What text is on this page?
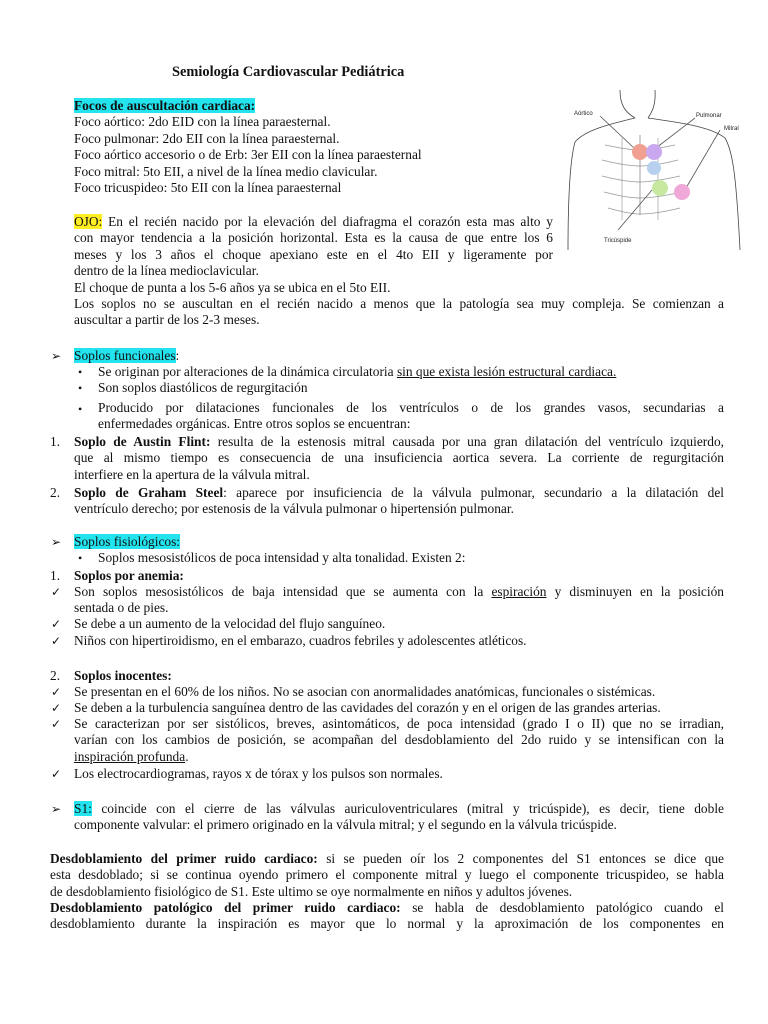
Semiología Cardiovascular Pediátrica
Focos de auscultación cardiaca:
Foco aórtico: 2do EID con la línea paraesternal.
Foco pulmonar: 2do EII con la línea paraesternal.
Foco aórtico accesorio o de Erb: 3er EII con la línea paraesternal
Foco mitral: 5to EII, a nivel de la línea medio clavicular.
Foco tricuspideo: 5to EII con la línea paraesternal
Aórtico	Pulmonar
Mitral
Tricúspide
OJO: En el recién nacido por la elevación del diafragma el corazón esta mas alto y
con mayor tendencia a la posición horizontal. Esta es la causa de que entre los 6
meses y los 3 años el choque apexiano este en el 4to EII y ligeramente por
dentro de la línea medioclavicular.
El choque de punta a los 5-6 años ya se ubica en el 5to EII.
Los soplos no se auscultan en el recién nacido a menos que la patología sea muy compleja. Se comienzan a
auscultar a partir de los 2-3 meses.
➢ Soplos funcionales:
• Se originan por alteraciones de la dinámica circulatoria sin que exista lesión estructural cardiaca.
• Son soplos diastólicos de regurgitación
• Producido por dilataciones funcionales de los ventrículos o de los grandes vasos, secundarias a
enfermedades orgánicas. Entre otros soplos se encuentran:
1. Soplo de Austin Flint: resulta de la estenosis mitral causada por una gran dilatación del ventrículo izquierdo,
que al mismo tiempo es consecuencia de una insuficiencia aortica severa. La corriente de regurgitación
interfiere en la apertura de la válvula mitral.
2. Soplo de Graham Steel: aparece por insuficiencia de la válvula pulmonar, secundario a la dilatación del
ventrículo derecho; por estenosis de la válvula pulmonar o hipertensión pulmonar.
➢ Soplos fisiológicos:
• Soplos mesosistólicos de poca intensidad y alta tonalidad. Existen 2:
1. Soplos por anemia:
✓ Son soplos mesosistólicos de baja intensidad que se aumenta con la espiración y disminuyen en la posición
sentada o de pies.
✓ Se debe a un aumento de la velocidad del flujo sanguíneo.
✓ Niños con hipertiroidismo, en el embarazo, cuadros febriles y adolescentes atléticos.
2. Soplos inocentes:
✓ Se presentan en el 60% de los niños. No se asocian con anormalidades anatómicas, funcionales o sistémicas.
✓ Se deben a la turbulencia sanguínea dentro de las cavidades del corazón y en el origen de las grandes arterias.
✓ Se caracterizan por ser sistólicos, breves, asintomáticos, de poca intensidad (grado I o II) que no se irradian,
varían con los cambios de posición, se acompañan del desdoblamiento del 2do ruido y se intensifican con la
inspiración profunda.
✓ Los electrocardiogramas, rayos x de tórax y los pulsos son normales.
➢ S1: coincide con el cierre de las válvulas auriculoventriculares (mitral y tricúspide), es decir, tiene doble
componente valvular: el primero originado en la válvula mitral; y el segundo en la válvula tricúspide.
Desdoblamiento del primer ruido cardiaco: si se pueden oír los 2 componentes del S1 entonces se dice que
esta desdoblado; si se continua oyendo primero el componente mitral y luego el componente tricuspideo, se habla
de desdoblamiento fisiológico de S1. Este ultimo se oye normalmente en niños y adultos jóvenes.
Desdoblamiento patológico del primer ruido cardiaco: se habla de desdoblamiento patológico cuando el
desdoblamiento durante la inspiración es mayor que lo normal y la aproximación de los componentes en
